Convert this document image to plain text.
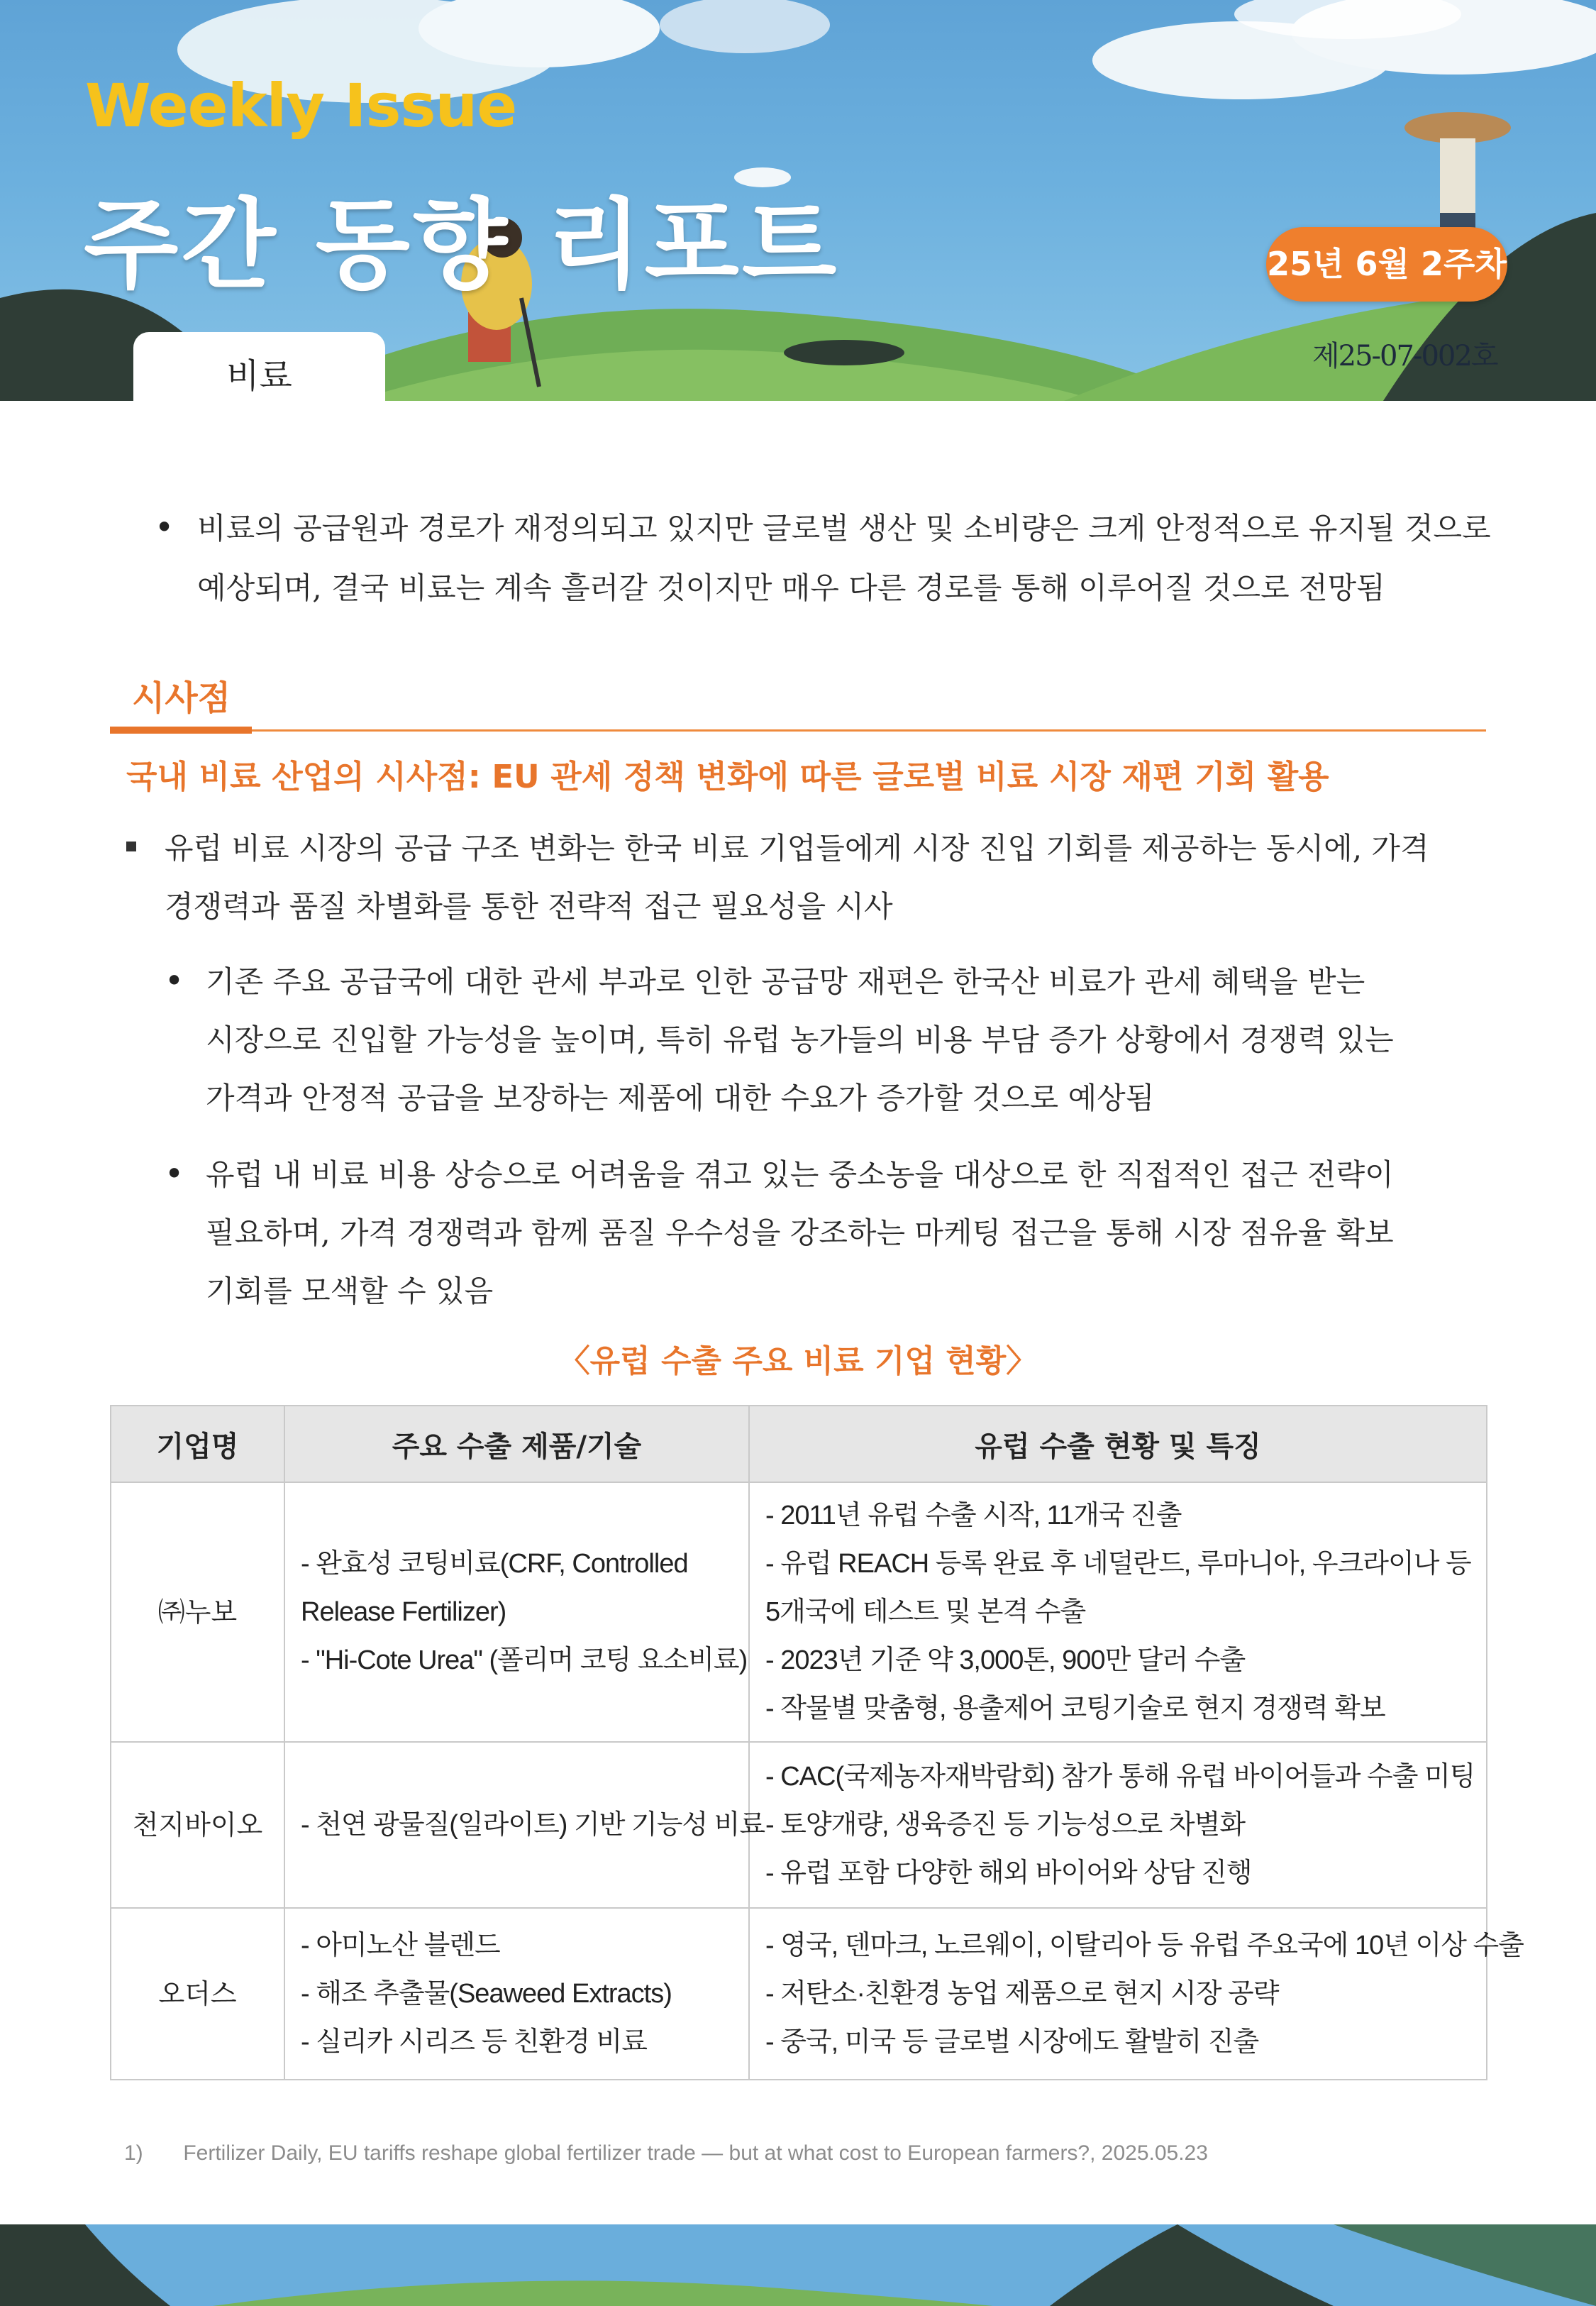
Weekly Issue
주간 동향 리포트	25년 6월 2주차
제25-07-002호
비료
• 비료의 공급원과 경로가 재정의되고 있지만 글로벌 생산 및 소비량은 크게 안정적으로 유지될 것으로
예상되며, 결국 비료는 계속 흘러갈 것이지만 매우 다른 경로를 통해 이루어질 것으로 전망됨

시사점
국내 비료 산업의 시사점: EU 관세 정책 변화에 따른 글로벌 비료 시장 재편 기회 활용

유럽 비료 시장의 공급 구조 변화는 한국 비료 기업들에게 시장 진입 기회를 제공하는 동시에, 가격
경쟁력과 품질 차별화를 통한 전략적 접근 필요성을 시사

• 기존 주요 공급국에 대한 관세 부과로 인한 공급망 재편은 한국산 비료가 관세 혜택을 받는
시장으로 진입할 가능성을 높이며, 특히 유럽 농가들의 비용 부담 증가 상황에서 경쟁력 있는
가격과 안정적 공급을 보장하는 제품에 대한 수요가 증가할 것으로 예상됨

• 유럽 내 비료 비용 상승으로 어려움을 겪고 있는 중소농을 대상으로 한 직접적인 접근 전략이
필요하며, 가격 경쟁력과 함께 품질 우수성을 강조하는 마케팅 접근을 통해 시장 점유율 확보
기회를 모색할 수 있음

〈유럽 수출 주요 비료 기업 현황〉
기업명	주요 수출 제품/기술	유럽 수출 현황 및 특징
㈜누보	- 완효성 코팅비료(CRF, Controlled
Release Fertilizer)
- "Hi-Cote Urea" (폴리머 코팅 요소비료)	- 2011년 유럽 수출 시작, 11개국 진출
- 유럽 REACH 등록 완료 후 네덜란드, 루마니아, 우크라이나 등
5개국에 테스트 및 본격 수출
- 2023년 기준 약 3,000톤, 900만 달러 수출
- 작물별 맞춤형, 용출제어 코팅기술로 현지 경쟁력 확보

천지바이오	- 천연 광물질(일라이트) 기반 기능성 비료	- CAC(국제농자재박람회) 참가 통해 유럽 바이어들과 수출 미팅
- 토양개량, 생육증진 등 기능성으로 차별화
- 유럽 포함 다양한 해외 바이어와 상담 진행

오더스	- 아미노산 블렌드
- 해조 추출물(Seaweed Extracts)
- 실리카 시리즈 등 친환경 비료	- 영국, 덴마크, 노르웨이, 이탈리아 등 유럽 주요국에 10년 이상 수출
- 저탄소·친환경 농업 제품으로 현지 시장 공략
- 중국, 미국 등 글로벌 시장에도 활발히 진출
1) Fertilizer Daily, EU tariffs reshape global fertilizer trade — but at what cost to European farmers?, 2025.05.23
